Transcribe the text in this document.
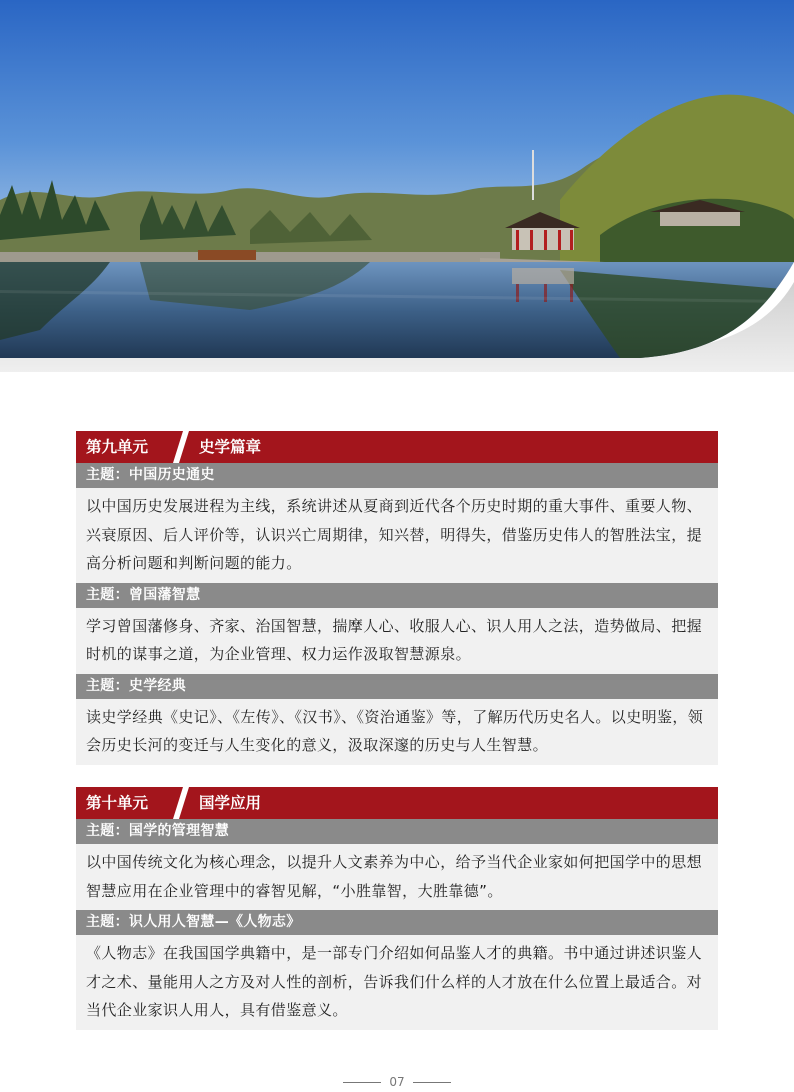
第九单元	史学篇章
主题：中国历史通史

以中国历史发展进程为主线，系统讲述从夏商到近代各个历史时期的重大事件、重要人物、兴衰原因、后人评价等，认识兴亡周期律，知兴替，明得失，借鉴历史伟人的智胜法宝，提高分析问题和判断问题的能力。

主题：曾国藩智慧

学习曾国藩修身、齐家、治国智慧，揣摩人心、收服人心、识人用人之法，造势做局、把握时机的谋事之道，为企业管理、权力运作汲取智慧源泉。

主题：史学经典

读史学经典《史记》、《左传》、《汉书》、《资治通鉴》等，了解历代历史名人。以史明鉴，领会历史长河的变迁与人生变化的意义，汲取深邃的历史与人生智慧。

第十单元	国学应用
主题：国学的管理智慧

以中国传统文化为核心理念，以提升人文素养为中心，给予当代企业家如何把国学中的思想智慧应用在企业管理中的睿智见解，“小胜靠智，大胜靠德”。

主题：识人用人智慧—《人物志》

《人物志》在我国国学典籍中，是一部专门介绍如何品鉴人才的典籍。书中通过讲述识鉴人才之术、量能用人之方及对人性的剖析，告诉我们什么样的人才放在什么位置上最适合。对当代企业家识人用人，具有借鉴意义。

07
